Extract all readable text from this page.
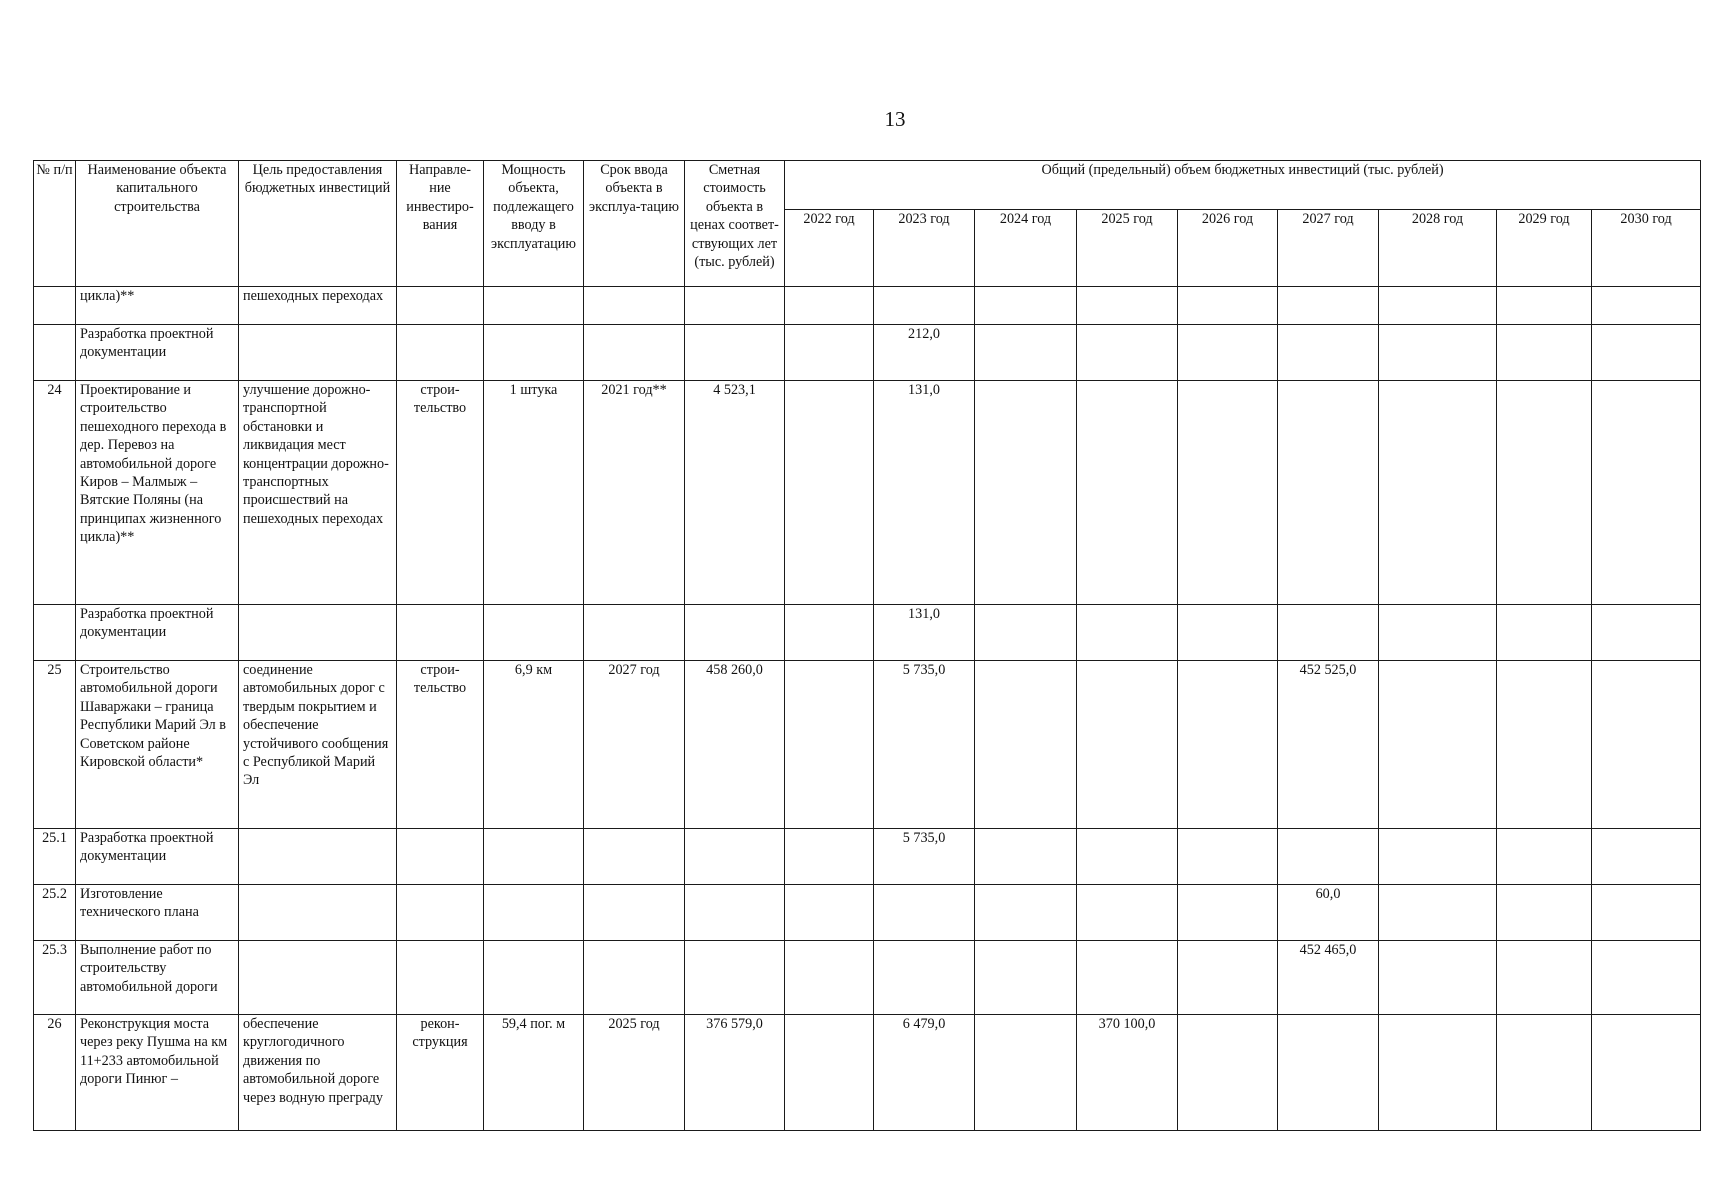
13
№ п/п	Наименование объекта капитального строительства	Цель предоставления бюджетных инвестиций	Направле-ние инвестиро-вания	Мощность объекта, подлежащего вводу в эксплуатацию	Срок ввода объекта в эксплуа-тацию	Сметная стоимость объекта в ценах соответ-ствующих лет (тыс. рублей)	Общий (предельный) объем бюджетных инвестиций (тыс. рублей)								
							2022 год	2023 год	2024 год	2025 год	2026 год	2027 год	2028 год	2029 год	2030 год
	цикла)**	пешеходных переходах													
	Разработка проектной документации							212,0							
24	Проектирование и строительство пешеходного перехода в дер. Перевоз на автомобильной дороге Киров – Малмыж – Вятские Поляны (на принципах жизненного цикла)**	улучшение дорожно-транспортной обстановки и ликвидация мест концентрации дорожно-транспортных происшествий на пешеходных переходах	строи-тельство	1 штука	2021 год**	4 523,1		131,0							
	Разработка проектной документации							131,0							
25	Строительство автомобильной дороги Шаваржаки – граница Республики Марий Эл в Советском районе Кировской области*	соединение автомобильных дорог с твердым покрытием и обеспечение устойчивого сообщения с Республикой Марий Эл	строи-тельство	6,9 км	2027 год	458 260,0		5 735,0				452 525,0			
25.1	Разработка проектной документации							5 735,0							
25.2	Изготовление технического плана											60,0			
25.3	Выполнение работ по строительству автомобильной дороги											452 465,0			
26	Реконструкция моста через реку Пушма на км 11+233 автомобильной дороги Пинюг –	обеспечение круглогодичного движения по автомобильной дороге через водную преграду	рекон-струкция	59,4 пог. м	2025 год	376 579,0		6 479,0		370 100,0					
